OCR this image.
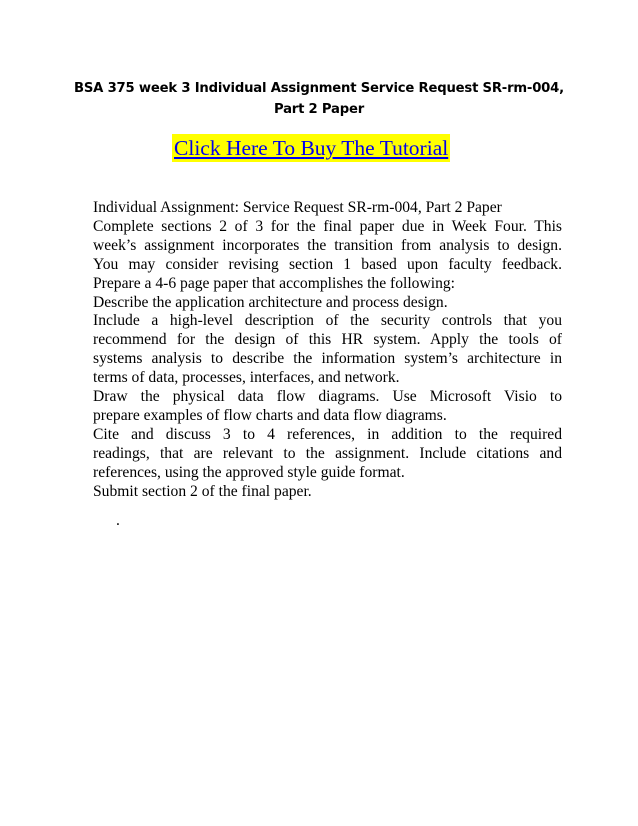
BSA 375 week 3 Individual Assignment Service Request SR-rm-004,
Part 2 Paper
Click Here To Buy The Tutorial
Individual Assignment: Service Request SR-rm-004, Part 2 Paper
Complete sections 2 of 3 for the final paper due in Week Four. This
week’s assignment incorporates the transition from analysis to design.
You may consider revising section 1 based upon faculty feedback.
Prepare a 4-6 page paper that accomplishes the following:
Describe the application architecture and process design.
Include a high-level description of the security controls that you
recommend for the design of this HR system. Apply the tools of
systems analysis to describe the information system’s architecture in
terms of data, processes, interfaces, and network.
Draw the physical data flow diagrams. Use Microsoft Visio to
prepare examples of flow charts and data flow diagrams.
Cite and discuss 3 to 4 references, in addition to the required
readings, that are relevant to the assignment. Include citations and
references, using the approved style guide format.
Submit section 2 of the final paper.
.
